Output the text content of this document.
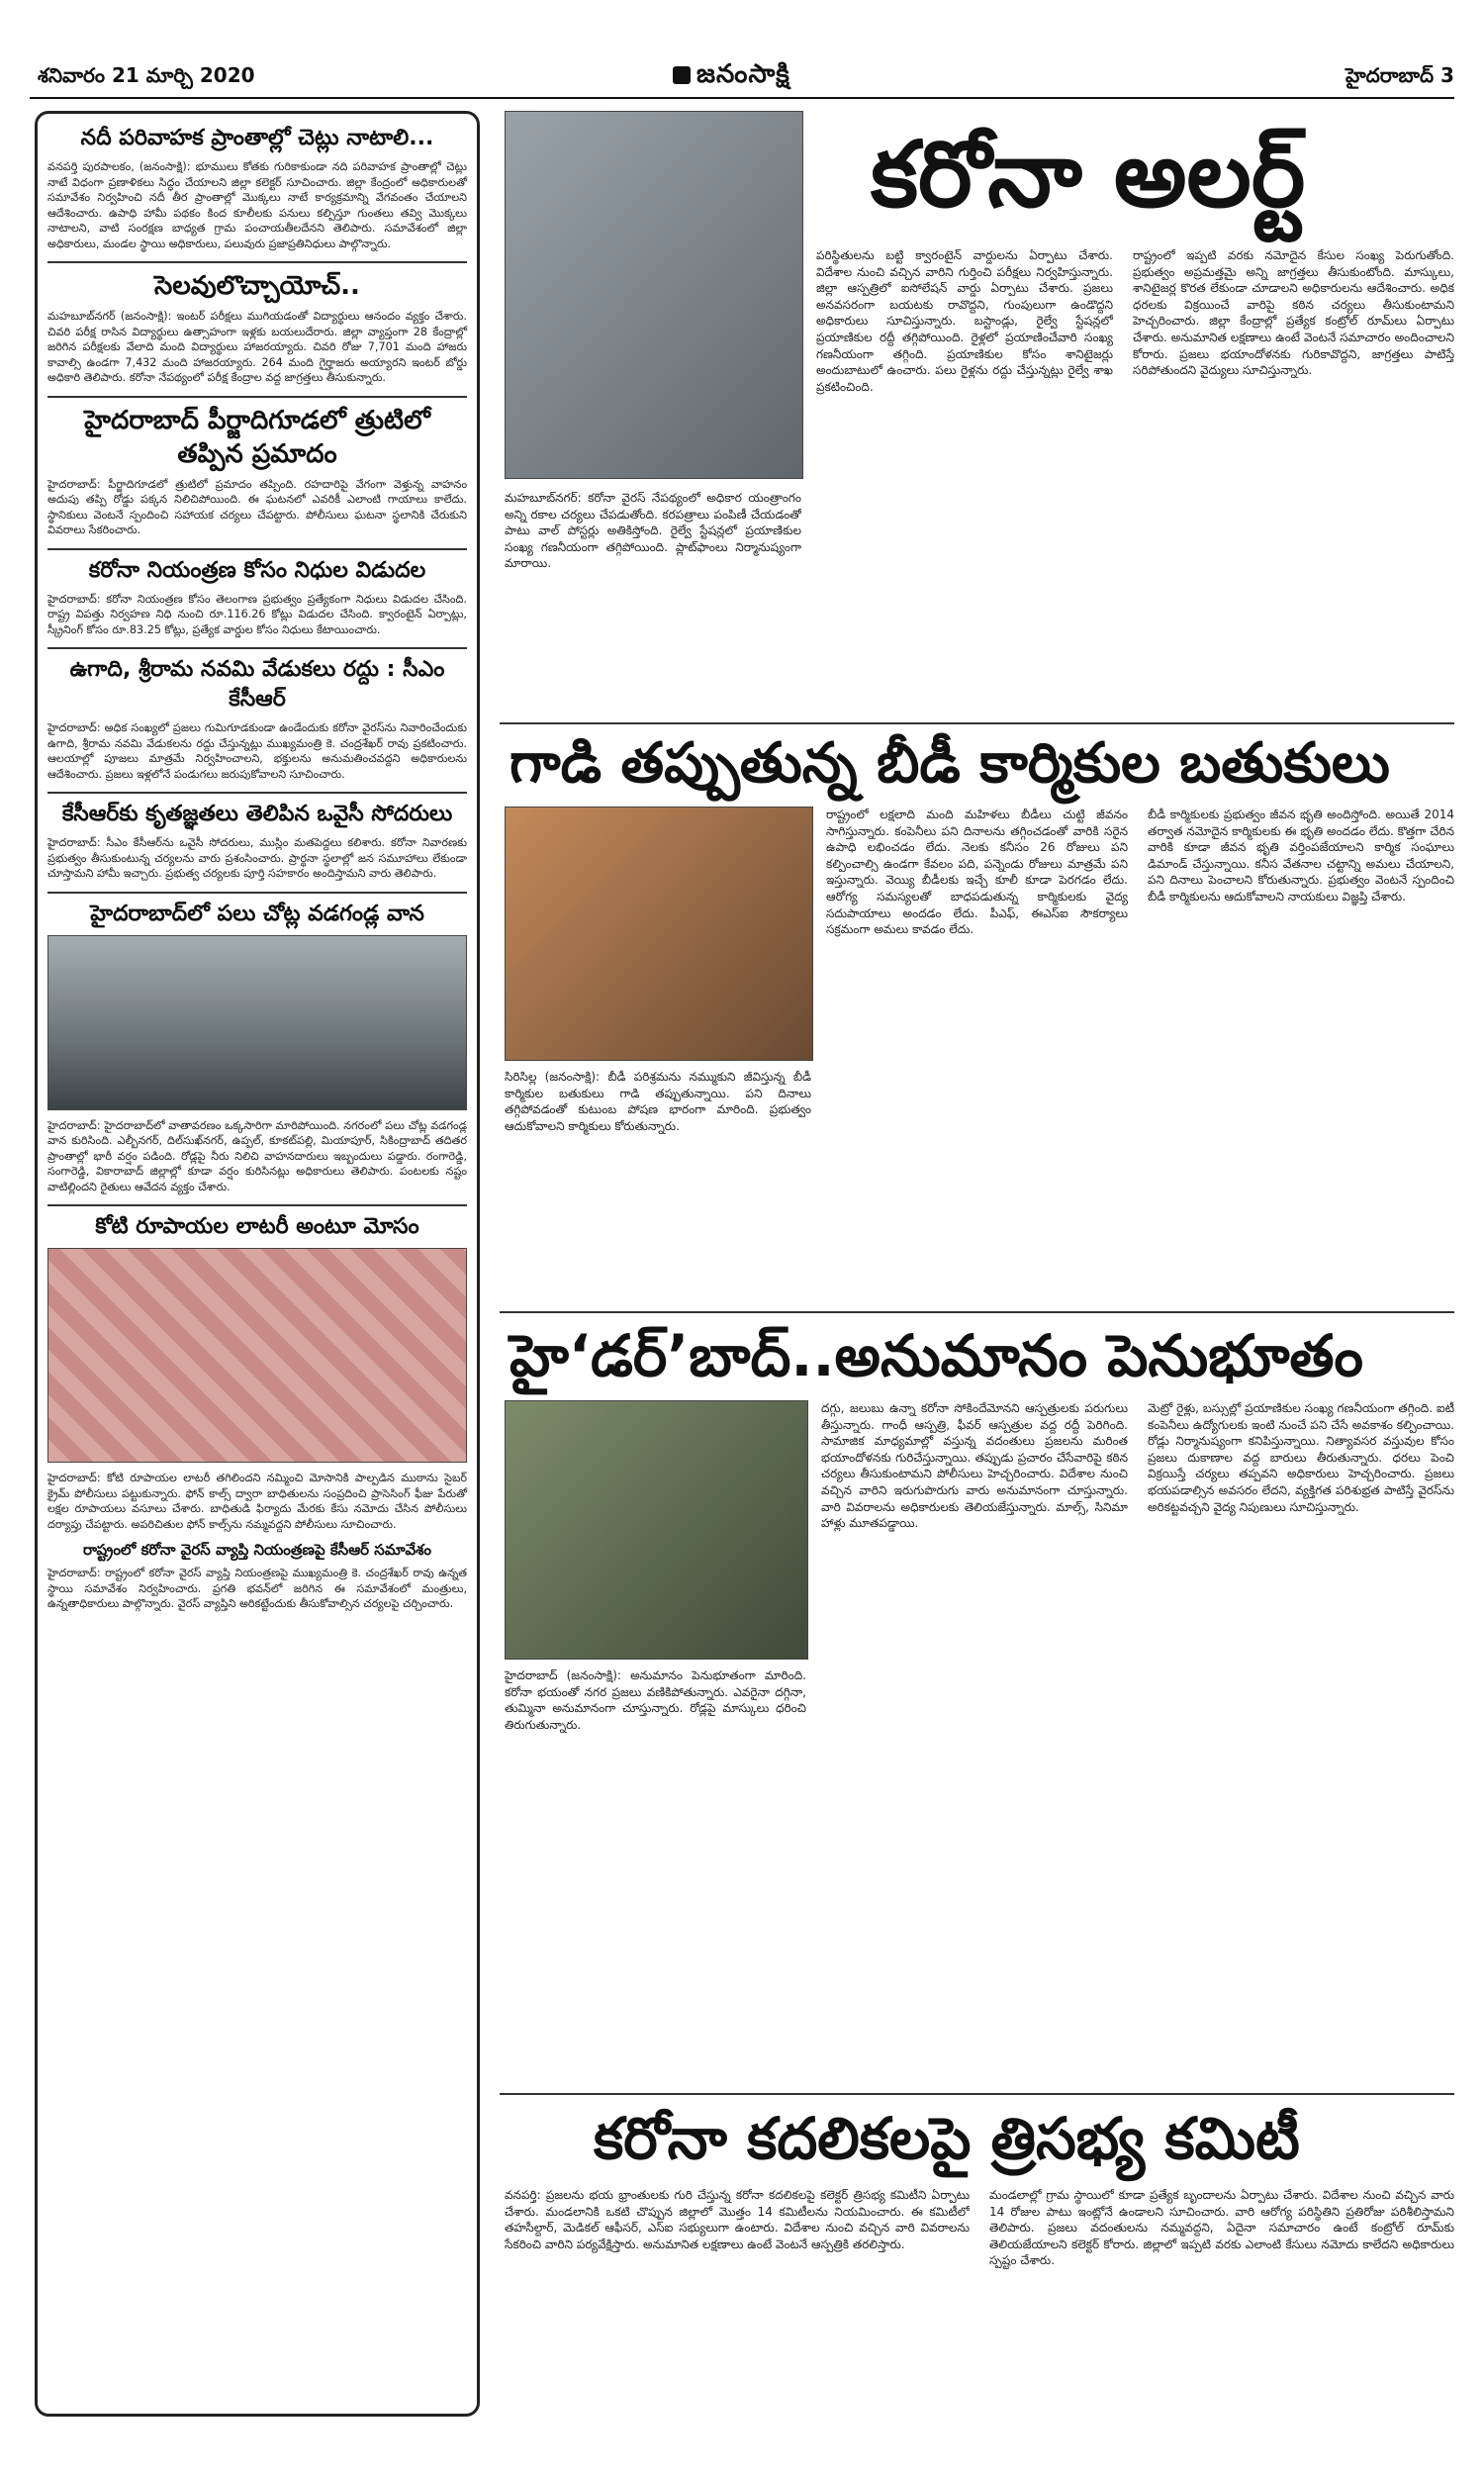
శనివారం 21 మార్చి 2020	జనంసాక్షి	హైదరాబాద్ 3
నదీ పరివాహక ప్రాంతాల్లో చెట్లు నాటాలి...
వనపర్తి పురపాలకం, (జనంసాక్షి): భూములు కోతకు గురికాకుండా నది పరివాహక ప్రాంతాల్లో చెట్లు నాటే విధంగా ప్రణాళికలు సిద్ధం చేయాలని జిల్లా కలెక్టర్ సూచించారు. జిల్లా కేంద్రంలో అధికారులతో సమావేశం నిర్వహించి నదీ తీర ప్రాంతాల్లో మొక్కలు నాటే కార్యక్రమాన్ని వేగవంతం చేయాలని ఆదేశించారు. ఉపాధి హామీ పథకం కింద కూలీలకు పనులు కల్పిస్తూ గుంతలు తవ్వి మొక్కలు నాటాలని, వాటి సంరక్షణ బాధ్యత గ్రామ పంచాయతీలదేనని తెలిపారు. సమావేశంలో జిల్లా అధికారులు, మండల స్థాయి అధికారులు, పలువురు ప్రజాప్రతినిధులు పాల్గొన్నారు.
సెలవులొచ్చాయోచ్..
మహబూబ్‌నగర్ (జనంసాక్షి): ఇంటర్ పరీక్షలు ముగియడంతో విద్యార్థులు ఆనందం వ్యక్తం చేశారు. చివరి పరీక్ష రాసిన విద్యార్థులు ఉత్సాహంగా ఇళ్లకు బయలుదేరారు. జిల్లా వ్యాప్తంగా 28 కేంద్రాల్లో జరిగిన పరీక్షలకు వేలాది మంది విద్యార్థులు హాజరయ్యారు. చివరి రోజు 7,701 మంది హాజరు కావాల్సి ఉండగా 7,432 మంది హాజరయ్యారు. 264 మంది గైర్హాజరు అయ్యారని ఇంటర్ బోర్డు అధికారి తెలిపారు. కరోనా నేపథ్యంలో పరీక్ష కేంద్రాల వద్ద జాగ్రత్తలు తీసుకున్నారు.
హైదరాబాద్ పీర్జాదిగూడలో త్రుటిలో తప్పిన ప్రమాదం
హైదరాబాద్: పీర్జాదిగూడలో త్రుటిలో ప్రమాదం తప్పింది. రహదారిపై వేగంగా వెళ్తున్న వాహనం అదుపు తప్పి రోడ్డు పక్కన నిలిచిపోయింది. ఈ ఘటనలో ఎవరికీ ఎలాంటి గాయాలు కాలేదు. స్థానికులు వెంటనే స్పందించి సహాయక చర్యలు చేపట్టారు. పోలీసులు ఘటనా స్థలానికి చేరుకుని వివరాలు సేకరించారు.
కరోనా నియంత్రణ కోసం నిధుల విడుదల
హైదరాబాద్: కరోనా నియంత్రణ కోసం తెలంగాణ ప్రభుత్వం ప్రత్యేకంగా నిధులు విడుదల చేసింది. రాష్ట్ర విపత్తు నిర్వహణ నిధి నుంచి రూ.116.26 కోట్లు విడుదల చేసింది. క్వారంటైన్ ఏర్పాట్లు, స్క్రీనింగ్ కోసం రూ.83.25 కోట్లు, ప్రత్యేక వార్డుల కోసం నిధులు కేటాయించారు.
ఉగాది, శ్రీరామ నవమి వేడుకలు రద్దు : సీఎం కేసీఆర్
హైదరాబాద్: అధిక సంఖ్యలో ప్రజలు గుమిగూడకుండా ఉండేందుకు కరోనా వైరస్‌ను నివారించేందుకు ఉగాది, శ్రీరామ నవమి వేడుకలను రద్దు చేస్తున్నట్లు ముఖ్యమంత్రి కె. చంద్రశేఖర్ రావు ప్రకటించారు. ఆలయాల్లో పూజలు మాత్రమే నిర్వహించాలని, భక్తులను అనుమతించవద్దని అధికారులను ఆదేశించారు. ప్రజలు ఇళ్లలోనే పండుగలు జరుపుకోవాలని సూచించారు.
కేసీఆర్‌కు కృతజ్ఞతలు తెలిపిన ఒవైసీ సోదరులు
హైదరాబాద్: సీఎం కేసీఆర్‌ను ఒవైసీ సోదరులు, ముస్లిం మతపెద్దలు కలిశారు. కరోనా నివారణకు ప్రభుత్వం తీసుకుంటున్న చర్యలను వారు ప్రశంసించారు. ప్రార్థనా స్థలాల్లో జన సమూహాలు లేకుండా చూస్తామని హామీ ఇచ్చారు. ప్రభుత్వ చర్యలకు పూర్తి సహకారం అందిస్తామని వారు తెలిపారు.
హైదరాబాద్‌లో పలు చోట్ల వడగండ్ల వాన
హైదరాబాద్: హైదరాబాద్‌లో వాతావరణం ఒక్కసారిగా మారిపోయింది. నగరంలో పలు చోట్ల వడగండ్ల వాన కురిసింది. ఎల్బీనగర్, దిల్‌సుఖ్‌నగర్, ఉప్పల్, కూకట్‌పల్లి, మియాపూర్, సికింద్రాబాద్ తదితర ప్రాంతాల్లో భారీ వర్షం పడింది. రోడ్లపై నీరు నిలిచి వాహనదారులు ఇబ్బందులు పడ్డారు. రంగారెడ్డి, సంగారెడ్డి, వికారాబాద్ జిల్లాల్లో కూడా వర్షం కురిసినట్లు అధికారులు తెలిపారు. పంటలకు నష్టం వాటిల్లిందని రైతులు ఆవేదన వ్యక్తం చేశారు.
కోటి రూపాయల లాటరీ అంటూ మోసం
హైదరాబాద్: కోటి రూపాయల లాటరీ తగిలిందని నమ్మించి మోసానికి పాల్పడిన ముఠాను సైబర్ క్రైమ్ పోలీసులు పట్టుకున్నారు. ఫోన్ కాల్స్ ద్వారా బాధితులను సంప్రదించి ప్రాసెసింగ్ ఫీజు పేరుతో లక్షల రూపాయలు వసూలు చేశారు. బాధితుడి ఫిర్యాదు మేరకు కేసు నమోదు చేసిన పోలీసులు దర్యాప్తు చేపట్టారు. అపరిచితుల ఫోన్ కాల్స్‌ను నమ్మవద్దని పోలీసులు సూచించారు.
రాష్ట్రంలో కరోనా వైరస్ వ్యాప్తి నియంత్రణపై కేసీఆర్ సమావేశం
హైదరాబాద్: రాష్ట్రంలో కరోనా వైరస్ వ్యాప్తి నియంత్రణపై ముఖ్యమంత్రి కె. చంద్రశేఖర్ రావు ఉన్నత స్థాయి సమావేశం నిర్వహించారు. ప్రగతి భవన్‌లో జరిగిన ఈ సమావేశంలో మంత్రులు, ఉన్నతాధికారులు పాల్గొన్నారు. వైరస్ వ్యాప్తిని అరికట్టేందుకు తీసుకోవాల్సిన చర్యలపై చర్చించారు.
కరోనా అలర్ట్
పరిస్థితులను బట్టి క్వారంటైన్ వార్డులను ఏర్పాటు చేశారు. విదేశాల నుంచి వచ్చిన వారిని గుర్తించి పరీక్షలు నిర్వహిస్తున్నారు. జిల్లా ఆస్పత్రిలో ఐసోలేషన్ వార్డు ఏర్పాటు చేశారు. ప్రజలు అనవసరంగా బయటకు రావొద్దని, గుంపులుగా ఉండొద్దని అధికారులు సూచిస్తున్నారు. బస్టాండ్లు, రైల్వే స్టేషన్లలో ప్రయాణికుల రద్దీ తగ్గిపోయింది. రైళ్లలో ప్రయాణించేవారి సంఖ్య గణనీయంగా తగ్గింది. ప్రయాణికుల కోసం శానిటైజర్లు అందుబాటులో ఉంచారు. పలు రైళ్లను రద్దు చేస్తున్నట్లు రైల్వే శాఖ ప్రకటించింది.
రాష్ట్రంలో ఇప్పటి వరకు నమోదైన కేసుల సంఖ్య పెరుగుతోంది. ప్రభుత్వం అప్రమత్తమై అన్ని జాగ్రత్తలు తీసుకుంటోంది. మాస్కులు, శానిటైజర్ల కొరత లేకుండా చూడాలని అధికారులను ఆదేశించారు. అధిక ధరలకు విక్రయించే వారిపై కఠిన చర్యలు తీసుకుంటామని హెచ్చరించారు. జిల్లా కేంద్రాల్లో ప్రత్యేక కంట్రోల్ రూమ్‌లు ఏర్పాటు చేశారు. అనుమానిత లక్షణాలు ఉంటే వెంటనే సమాచారం అందించాలని కోరారు. ప్రజలు భయాందోళనకు గురికావొద్దని, జాగ్రత్తలు పాటిస్తే సరిపోతుందని వైద్యులు సూచిస్తున్నారు.
మహబూబ్‌నగర్: కరోనా వైరస్ నేపథ్యంలో అధికార యంత్రాంగం అన్ని రకాల చర్యలు చేపడుతోంది. కరపత్రాలు పంపిణీ చేయడంతో పాటు వాల్ పోస్టర్లు అతికిస్తోంది. రైల్వే స్టేషన్లలో ప్రయాణికుల సంఖ్య గణనీయంగా తగ్గిపోయింది. ప్లాట్‌ఫాంలు నిర్మానుష్యంగా మారాయి.
గాడి తప్పుతున్న బీడీ కార్మికుల బతుకులు
సిరిసిల్ల (జనంసాక్షి): బీడీ పరిశ్రమను నమ్ముకుని జీవిస్తున్న బీడీ కార్మికుల బతుకులు గాడి తప్పుతున్నాయి. పని దినాలు తగ్గిపోవడంతో కుటుంబ పోషణ భారంగా మారింది. ప్రభుత్వం ఆదుకోవాలని కార్మికులు కోరుతున్నారు.
రాష్ట్రంలో లక్షలాది మంది మహిళలు బీడీలు చుట్టి జీవనం సాగిస్తున్నారు. కంపెనీలు పని దినాలను తగ్గించడంతో వారికి సరైన ఉపాధి లభించడం లేదు. నెలకు కనీసం 26 రోజులు పని కల్పించాల్సి ఉండగా కేవలం పది, పన్నెండు రోజులు మాత్రమే పని ఇస్తున్నారు. వెయ్యి బీడీలకు ఇచ్చే కూలీ కూడా పెరగడం లేదు. ఆరోగ్య సమస్యలతో బాధపడుతున్న కార్మికులకు వైద్య సదుపాయాలు అందడం లేదు. పీఎఫ్, ఈఎస్ఐ సౌకర్యాలు సక్రమంగా అమలు కావడం లేదు.
బీడీ కార్మికులకు ప్రభుత్వం జీవన భృతి అందిస్తోంది. అయితే 2014 తర్వాత నమోదైన కార్మికులకు ఈ భృతి అందడం లేదు. కొత్తగా చేరిన వారికి కూడా జీవన భృతి వర్తింపజేయాలని కార్మిక సంఘాలు డిమాండ్ చేస్తున్నాయి. కనీస వేతనాల చట్టాన్ని అమలు చేయాలని, పని దినాలు పెంచాలని కోరుతున్నారు. ప్రభుత్వం వెంటనే స్పందించి బీడీ కార్మికులను ఆదుకోవాలని నాయకులు విజ్ఞప్తి చేశారు.
హై‘డర్’బాద్..అనుమానం పెనుభూతం
హైదరాబాద్ (జనంసాక్షి): అనుమానం పెనుభూతంగా మారింది. కరోనా భయంతో నగర ప్రజలు వణికిపోతున్నారు. ఎవరైనా దగ్గినా, తుమ్మినా అనుమానంగా చూస్తున్నారు. రోడ్లపై మాస్కులు ధరించి తిరుగుతున్నారు.
దగ్గు, జలుబు ఉన్నా కరోనా సోకిందేమోనని ఆస్పత్రులకు పరుగులు తీస్తున్నారు. గాంధీ ఆస్పత్రి, ఫీవర్ ఆస్పత్రుల వద్ద రద్దీ పెరిగింది. సామాజిక మాధ్యమాల్లో వస్తున్న వదంతులు ప్రజలను మరింత భయాందోళనకు గురిచేస్తున్నాయి. తప్పుడు ప్రచారం చేసేవారిపై కఠిన చర్యలు తీసుకుంటామని పోలీసులు హెచ్చరించారు. విదేశాల నుంచి వచ్చిన వారిని ఇరుగుపొరుగు వారు అనుమానంగా చూస్తున్నారు. వారి వివరాలను అధికారులకు తెలియజేస్తున్నారు. మాల్స్, సినిమా హాళ్లు మూతపడ్డాయి.
మెట్రో రైళ్లు, బస్సుల్లో ప్రయాణికుల సంఖ్య గణనీయంగా తగ్గింది. ఐటీ కంపెనీలు ఉద్యోగులకు ఇంటి నుంచే పని చేసే అవకాశం కల్పించాయి. రోడ్లు నిర్మానుష్యంగా కనిపిస్తున్నాయి. నిత్యావసర వస్తువుల కోసం ప్రజలు దుకాణాల వద్ద బారులు తీరుతున్నారు. ధరలు పెంచి విక్రయిస్తే చర్యలు తప్పవని అధికారులు హెచ్చరించారు. ప్రజలు భయపడాల్సిన అవసరం లేదని, వ్యక్తిగత పరిశుభ్రత పాటిస్తే వైరస్‌ను అరికట్టవచ్చని వైద్య నిపుణులు సూచిస్తున్నారు.
కరోనా కదలికలపై త్రిసభ్య కమిటీ
వనపర్తి: ప్రజలను భయ భ్రాంతులకు గురి చేస్తున్న కరోనా కదలికలపై కలెక్టర్ త్రిసభ్య కమిటీని ఏర్పాటు చేశారు. మండలానికి ఒకటి చొప్పున జిల్లాలో మొత్తం 14 కమిటీలను నియమించారు. ఈ కమిటీలో తహసీల్దార్, మెడికల్ ఆఫీసర్, ఎస్ఐ సభ్యులుగా ఉంటారు. విదేశాల నుంచి వచ్చిన వారి వివరాలను సేకరించి వారిని పర్యవేక్షిస్తారు. అనుమానిత లక్షణాలు ఉంటే వెంటనే ఆస్పత్రికి తరలిస్తారు.
మండలాల్లో గ్రామ స్థాయిలో కూడా ప్రత్యేక బృందాలను ఏర్పాటు చేశారు. విదేశాల నుంచి వచ్చిన వారు 14 రోజుల పాటు ఇంట్లోనే ఉండాలని సూచించారు. వారి ఆరోగ్య పరిస్థితిని ప్రతిరోజు పరిశీలిస్తామని తెలిపారు. ప్రజలు వదంతులను నమ్మవద్దని, ఏదైనా సమాచారం ఉంటే కంట్రోల్ రూమ్‌కు తెలియజేయాలని కలెక్టర్ కోరారు. జిల్లాలో ఇప్పటి వరకు ఎలాంటి కేసులు నమోదు కాలేదని అధికారులు స్పష్టం చేశారు.
